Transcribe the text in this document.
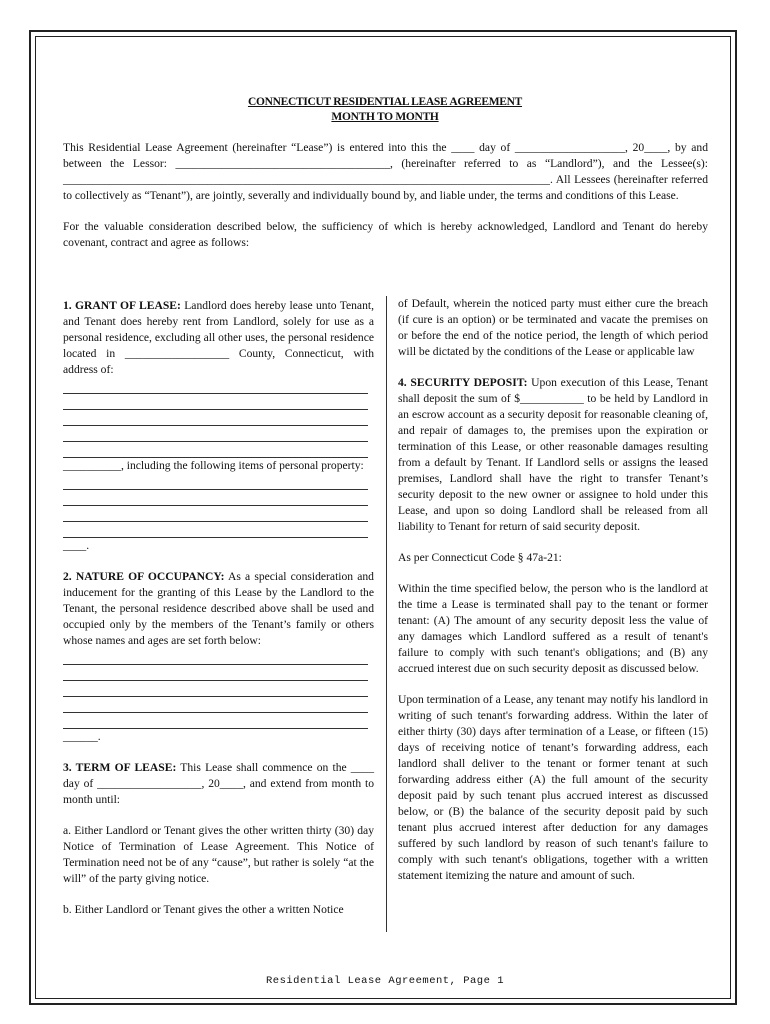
CONNECTICUT RESIDENTIAL LEASE AGREEMENT
MONTH TO MONTH

This Residential Lease Agreement (hereinafter “Lease”) is entered into this the ____ day of ___________________, 20____, by and between the Lessor: _____________________________________, (hereinafter referred to as “Landlord”), and the Lessee(s): ____________________________________________________________________________________. All Lessees (hereinafter referred to collectively as “Tenant”), are jointly, severally and individually bound by, and liable under, the terms and conditions of this Lease.

For the valuable consideration described below, the sufficiency of which is hereby acknowledged, Landlord and Tenant do hereby covenant, contract and agree as follows:

1. GRANT OF LEASE: Landlord does hereby lease unto Tenant, and Tenant does hereby rent from Landlord, solely for use as a personal residence, excluding all other uses, the personal residence located in __________________ County, Connecticut, with address of:

__________, including the following items of personal property:

____.

2. NATURE OF OCCUPANCY: As a special consideration and inducement for the granting of this Lease by the Landlord to the Tenant, the personal residence described above shall be used and occupied only by the members of the Tenant’s family or others whose names and ages are set forth below:

______.

3. TERM OF LEASE: This Lease shall commence on the ____ day of __________________, 20____, and extend from month to month until:

a. Either Landlord or Tenant gives the other written thirty (30) day Notice of Termination of Lease Agreement. This Notice of Termination need not be of any “cause”, but rather is solely “at the will” of the party giving notice.

b. Either Landlord or Tenant gives the other a written Notice

of Default, wherein the noticed party must either cure the breach (if cure is an option) or be terminated and vacate the premises on or before the end of the notice period, the length of which period will be dictated by the conditions of the Lease or applicable law

4. SECURITY DEPOSIT: Upon execution of this Lease, Tenant shall deposit the sum of $___________ to be held by Landlord in an escrow account as a security deposit for reasonable cleaning of, and repair of damages to, the premises upon the expiration or termination of this Lease, or other reasonable damages resulting from a default by Tenant. If Landlord sells or assigns the leased premises, Landlord shall have the right to transfer Tenant’s security deposit to the new owner or assignee to hold under this Lease, and upon so doing Landlord shall be released from all liability to Tenant for return of said security deposit.

As per Connecticut Code § 47a-21:

Within the time specified below, the person who is the landlord at the time a Lease is terminated shall pay to the tenant or former tenant: (A) The amount of any security deposit less the value of any damages which Landlord suffered as a result of tenant's failure to comply with such tenant's obligations; and (B) any accrued interest due on such security deposit as discussed below.

Upon termination of a Lease, any tenant may notify his landlord in writing of such tenant's forwarding address. Within the later of either thirty (30) days after termination of a Lease, or fifteen (15) days of receiving notice of tenant’s forwarding address, each landlord shall deliver to the tenant or former tenant at such forwarding address either (A) the full amount of the security deposit paid by such tenant plus accrued interest as discussed below, or (B) the balance of the security deposit paid by such tenant plus accrued interest after deduction for any damages suffered by such landlord by reason of such tenant's failure to comply with such tenant's obligations, together with a written statement itemizing the nature and amount of such.

Residential Lease Agreement, Page 1
